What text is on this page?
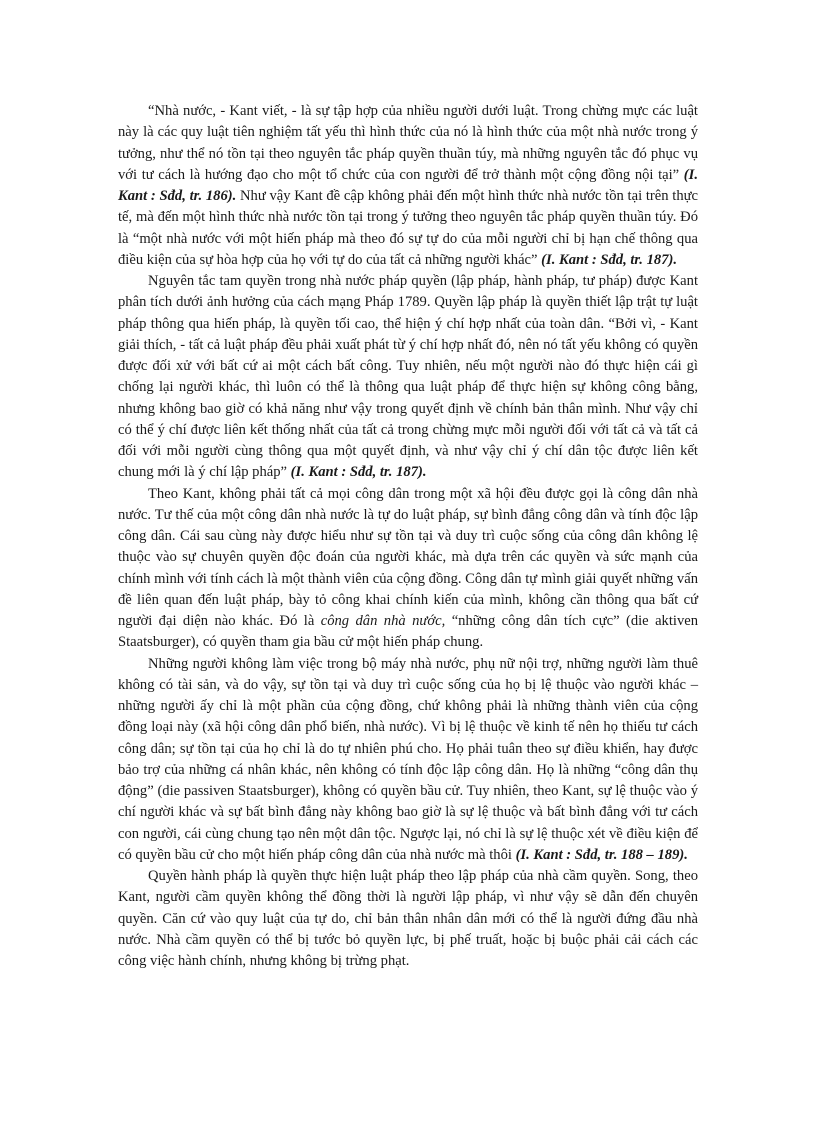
“Nhà nước, - Kant viết, - là sự tập hợp của nhiều người dưới luật. Trong chừng mực các luật này là các quy luật tiên nghiệm tất yếu thì hình thức của nó là hình thức của một nhà nước trong ý tưởng, như thể nó tồn tại theo nguyên tắc pháp quyền thuần túy, mà những nguyên tắc đó phục vụ với tư cách là hướng đạo cho một tổ chức của con người để trở thành một cộng đồng nội tại” (I. Kant : Sđd, tr. 186). Như vậy Kant đề cập không phải đến một hình thức nhà nước tồn tại trên thực tế, mà đến một hình thức nhà nước tồn tại trong ý tưởng theo nguyên tắc pháp quyền thuần túy. Đó là “một nhà nước với một hiến pháp mà theo đó sự tự do của mỗi người chỉ bị hạn chế thông qua điều kiện của sự hòa hợp của họ với tự do của tất cả những người khác” (I. Kant : Sđd, tr. 187).

Nguyên tắc tam quyền trong nhà nước pháp quyền (lập pháp, hành pháp, tư pháp) được Kant phân tích dưới ảnh hưởng của cách mạng Pháp 1789. Quyền lập pháp là quyền thiết lập trật tự luật pháp thông qua hiến pháp, là quyền tối cao, thể hiện ý chí hợp nhất của toàn dân. “Bởi vì, - Kant giải thích, - tất cả luật pháp đều phải xuất phát từ ý chí hợp nhất đó, nên nó tất yếu không có quyền được đối xử với bất cứ ai một cách bất công. Tuy nhiên, nếu một người nào đó thực hiện cái gì chống lại người khác, thì luôn có thể là thông qua luật pháp để thực hiện sự không công bằng, nhưng không bao giờ có khả năng như vậy trong quyết định về chính bản thân mình. Như vậy chỉ có thể ý chí được liên kết thống nhất của tất cả trong chừng mực mỗi người đối với tất cả và tất cả đối với mỗi người cùng thông qua một quyết định, và như vậy chỉ ý chí dân tộc được liên kết chung mới là ý chí lập pháp” (I. Kant : Sđd, tr. 187).

Theo Kant, không phải tất cả mọi công dân trong một xã hội đều được gọi là công dân nhà nước. Tư thế của một công dân nhà nước là tự do luật pháp, sự bình đẳng công dân và tính độc lập công dân. Cái sau cùng này được hiểu như sự tồn tại và duy trì cuộc sống của công dân không lệ thuộc vào sự chuyên quyền độc đoán của người khác, mà dựa trên các quyền và sức mạnh của chính mình với tính cách là một thành viên của cộng đồng. Công dân tự mình giải quyết những vấn đề liên quan đến luật pháp, bày tỏ công khai chính kiến của mình, không cần thông qua bất cứ người đại diện nào khác. Đó là công dân nhà nước, “những công dân tích cực” (die aktiven Staatsburger), có quyền tham gia bầu cử một hiến pháp chung.

Những người không làm việc trong bộ máy nhà nước, phụ nữ nội trợ, những người làm thuê không có tài sản, và do vậy, sự tồn tại và duy trì cuộc sống của họ bị lệ thuộc vào người khác – những người ấy chỉ là một phần của cộng đồng, chứ không phải là những thành viên của cộng đồng loại này (xã hội công dân phổ biến, nhà nước). Vì bị lệ thuộc về kinh tế nên họ thiếu tư cách công dân; sự tồn tại của họ chỉ là do tự nhiên phú cho. Họ phải tuân theo sự điều khiển, hay được bảo trợ của những cá nhân khác, nên không có tính độc lập công dân. Họ là những “công dân thụ động” (die passiven Staatsburger), không có quyền bầu cử. Tuy nhiên, theo Kant, sự lệ thuộc vào ý chí người khác và sự bất bình đẳng này không bao giờ là sự lệ thuộc và bất bình đẳng với tư cách con người, cái cùng chung tạo nên một dân tộc. Ngược lại, nó chỉ là sự lệ thuộc xét về điều kiện để có quyền bầu cử cho một hiến pháp công dân của nhà nước mà thôi (I. Kant : Sđd, tr. 188 – 189).

Quyền hành pháp là quyền thực hiện luật pháp theo lập pháp của nhà cầm quyền. Song, theo Kant, người cầm quyền không thể đồng thời là người lập pháp, vì như vậy sẽ dẫn đến chuyên quyền. Căn cứ vào quy luật của tự do, chỉ bản thân nhân dân mới có thể là người đứng đầu nhà nước. Nhà cầm quyền có thể bị tước bỏ quyền lực, bị phế truất, hoặc bị buộc phải cải cách các công việc hành chính, nhưng không bị trừng phạt.
